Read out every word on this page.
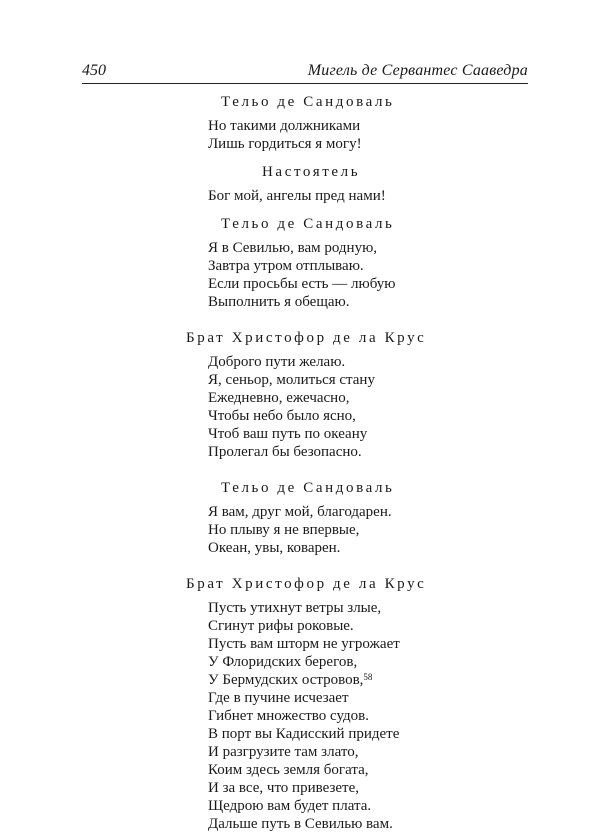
450	Мигель де Сервантес Сааведра
Тельо де Сандоваль
Но такими должниками
Лишь гордиться я могу!
Настоятель
Бог мой, ангелы пред нами!
Тельо де Сандоваль
Я в Севилью, вам родную,
Завтра утром отплываю.
Если просьбы есть — любую
Выполнить я обещаю.
Брат Христофор де ла Крус
Доброго пути желаю.
Я, сеньор, молиться стану
Ежедневно, ежечасно,
Чтобы небо было ясно,
Чтоб ваш путь по океану
Пролегал бы безопасно.
Тельо де Сандоваль
Я вам, друг мой, благодарен.
Но плыву я не впервые,
Океан, увы, коварен.
Брат Христофор де ла Крус
Пусть утихнут ветры злые,
Сгинут рифы роковые.
Пусть вам шторм не угрожает
У Флоридских берегов,
У Бермудских островов,$^{58}$
Где в пучине исчезает
Гибнет множество судов.
В порт вы Кадисский придете
И разгрузите там злато,
Коим здесь земля богата,
И за все, что привезете,
Щедрою вам будет плата.
Дальше путь в Севилью вам.
